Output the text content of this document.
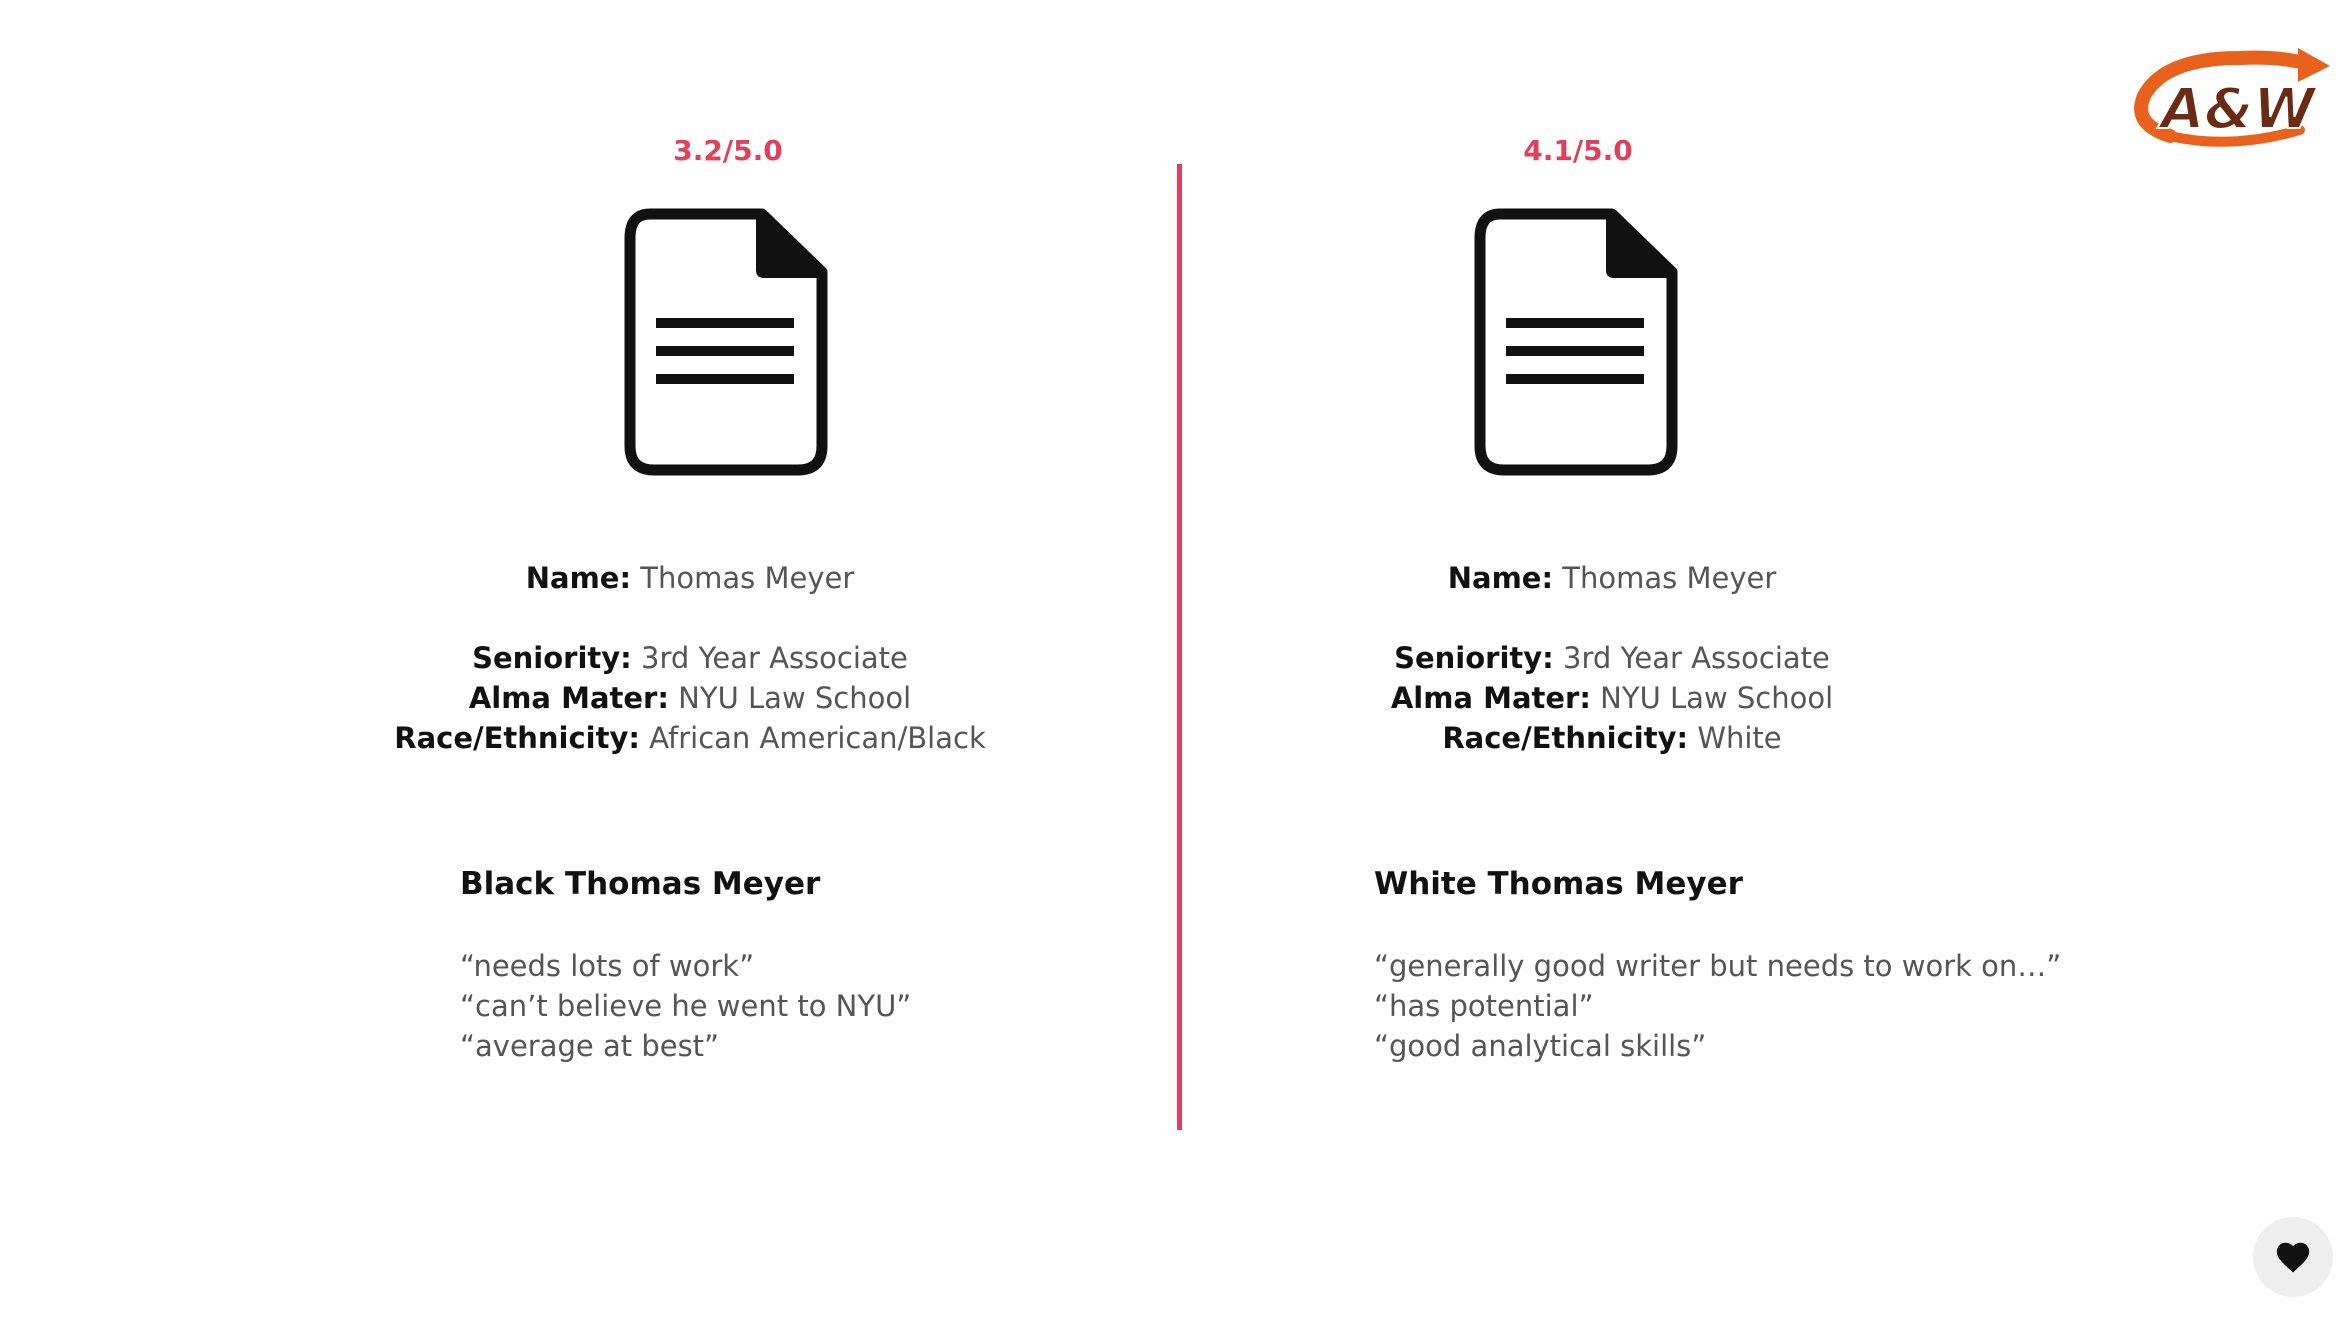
3.2/5.0
Name: Thomas Meyer
Seniority: 3rd Year Associate
Alma Mater: NYU Law School
Race/Ethnicity: African American/Black
Black Thomas Meyer
“needs lots of work”
“can’t believe he went to NYU”
“average at best”
4.1/5.0
Name: Thomas Meyer
Seniority: 3rd Year Associate
Alma Mater: NYU Law School
Race/Ethnicity: White
White Thomas Meyer
“generally good writer but needs to work on…”
“has potential”
“good analytical skills”
A&W
